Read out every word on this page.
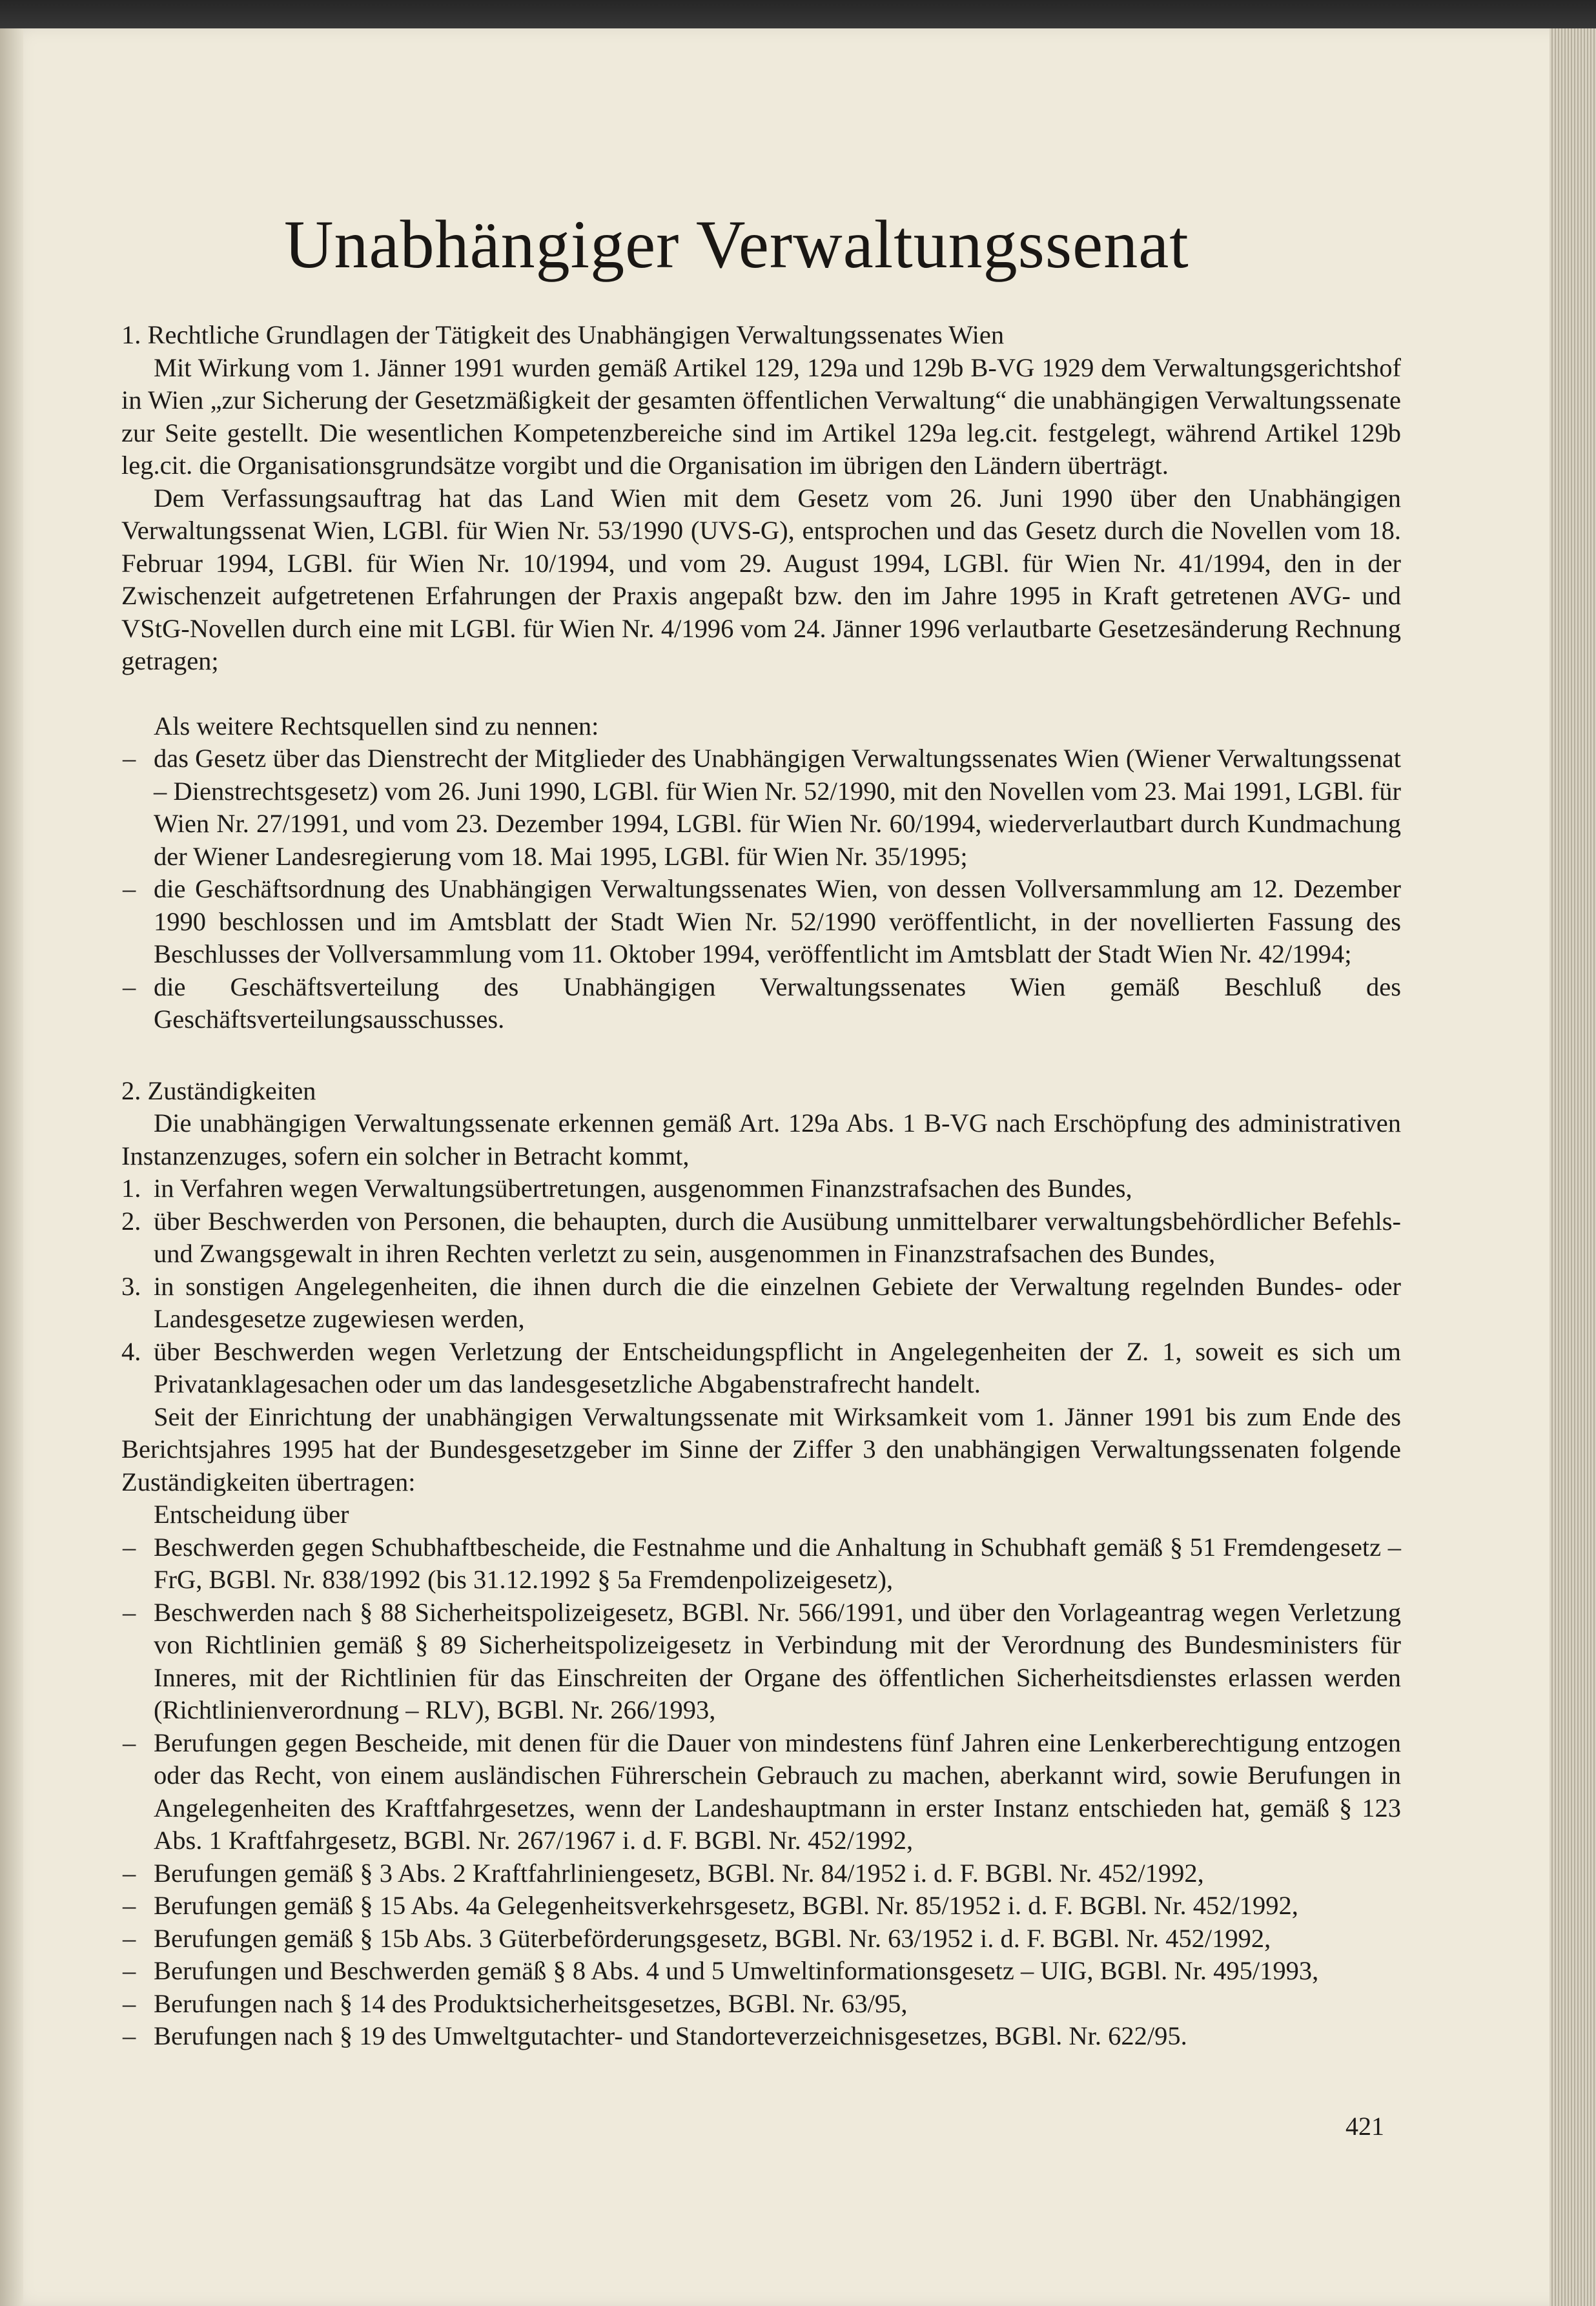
Unabhängiger Verwaltungssenat

1. Rechtliche Grundlagen der Tätigkeit des Unabhängigen Verwaltungssenates Wien

Mit Wirkung vom 1. Jänner 1991 wurden gemäß Artikel 129, 129a und 129b B-VG 1929 dem Verwaltungsgerichtshof in Wien „zur Sicherung der Gesetzmäßigkeit der gesamten öffentlichen Verwaltung“ die unabhängigen Verwaltungssenate zur Seite gestellt. Die wesentlichen Kompetenzbereiche sind im Artikel 129a leg.cit. festgelegt, während Artikel 129b leg.cit. die Organisationsgrundsätze vorgibt und die Organisation im übrigen den Ländern überträgt.

Dem Verfassungsauftrag hat das Land Wien mit dem Gesetz vom 26. Juni 1990 über den Unabhängigen Verwaltungssenat Wien, LGBl. für Wien Nr. 53/1990 (UVS-G), entsprochen und das Gesetz durch die Novellen vom 18. Februar 1994, LGBl. für Wien Nr. 10/1994, und vom 29. August 1994, LGBl. für Wien Nr. 41/1994, den in der Zwischenzeit aufgetretenen Erfahrungen der Praxis angepaßt bzw. den im Jahre 1995 in Kraft getretenen AVG- und VStG-Novellen durch eine mit LGBl. für Wien Nr. 4/1996 vom 24. Jänner 1996 verlautbarte Gesetzesänderung Rechnung getragen;

Als weitere Rechtsquellen sind zu nennen:

– das Gesetz über das Dienstrecht der Mitglieder des Unabhängigen Verwaltungssenates Wien (Wiener Verwaltungssenat – Dienstrechtsgesetz) vom 26. Juni 1990, LGBl. für Wien Nr. 52/1990, mit den Novellen vom 23. Mai 1991, LGBl. für Wien Nr. 27/1991, und vom 23. Dezember 1994, LGBl. für Wien Nr. 60/1994, wiederverlautbart durch Kundmachung der Wiener Landesregierung vom 18. Mai 1995, LGBl. für Wien Nr. 35/1995;
– die Geschäftsordnung des Unabhängigen Verwaltungssenates Wien, von dessen Vollversammlung am 12. Dezember 1990 beschlossen und im Amtsblatt der Stadt Wien Nr. 52/1990 veröffentlicht, in der novellierten Fassung des Beschlusses der Vollversammlung vom 11. Oktober 1994, veröffentlicht im Amtsblatt der Stadt Wien Nr. 42/1994;
– die Geschäftsverteilung des Unabhängigen Verwaltungssenates Wien gemäß Beschluß des Geschäftsverteilungsausschusses.

2. Zuständigkeiten

Die unabhängigen Verwaltungssenate erkennen gemäß Art. 129a Abs. 1 B-VG nach Erschöpfung des administrativen Instanzenzuges, sofern ein solcher in Betracht kommt,

1. in Verfahren wegen Verwaltungsübertretungen, ausgenommen Finanzstrafsachen des Bundes,
2. über Beschwerden von Personen, die behaupten, durch die Ausübung unmittelbarer verwaltungsbehördlicher Befehls- und Zwangsgewalt in ihren Rechten verletzt zu sein, ausgenommen in Finanzstrafsachen des Bundes,
3. in sonstigen Angelegenheiten, die ihnen durch die die einzelnen Gebiete der Verwaltung regelnden Bundes- oder Landesgesetze zugewiesen werden,
4. über Beschwerden wegen Verletzung der Entscheidungspflicht in Angelegenheiten der Z. 1, soweit es sich um Privatanklagesachen oder um das landesgesetzliche Abgabenstrafrecht handelt.

Seit der Einrichtung der unabhängigen Verwaltungssenate mit Wirksamkeit vom 1. Jänner 1991 bis zum Ende des Berichtsjahres 1995 hat der Bundesgesetzgeber im Sinne der Ziffer 3 den unabhängigen Verwaltungssenaten folgende Zuständigkeiten übertragen:

Entscheidung über

– Beschwerden gegen Schubhaftbescheide, die Festnahme und die Anhaltung in Schubhaft gemäß § 51 Fremdengesetz – FrG, BGBl. Nr. 838/1992 (bis 31.12.1992 § 5a Fremdenpolizeigesetz),
– Beschwerden nach § 88 Sicherheitspolizeigesetz, BGBl. Nr. 566/1991, und über den Vorlageantrag wegen Verletzung von Richtlinien gemäß § 89 Sicherheitspolizeigesetz in Verbindung mit der Verordnung des Bundesministers für Inneres, mit der Richtlinien für das Einschreiten der Organe des öffentlichen Sicherheitsdienstes erlassen werden (Richtlinienverordnung – RLV), BGBl. Nr. 266/1993,
– Berufungen gegen Bescheide, mit denen für die Dauer von mindestens fünf Jahren eine Lenkerberechtigung entzogen oder das Recht, von einem ausländischen Führerschein Gebrauch zu machen, aberkannt wird, sowie Berufungen in Angelegenheiten des Kraftfahrgesetzes, wenn der Landeshauptmann in erster Instanz entschieden hat, gemäß § 123 Abs. 1 Kraftfahrgesetz, BGBl. Nr. 267/1967 i. d. F. BGBl. Nr. 452/1992,
– Berufungen gemäß § 3 Abs. 2 Kraftfahrliniengesetz, BGBl. Nr. 84/1952 i. d. F. BGBl. Nr. 452/1992,
– Berufungen gemäß § 15 Abs. 4a Gelegenheitsverkehrsgesetz, BGBl. Nr. 85/1952 i. d. F. BGBl. Nr. 452/1992,
– Berufungen gemäß § 15b Abs. 3 Güterbeförderungsgesetz, BGBl. Nr. 63/1952 i. d. F. BGBl. Nr. 452/1992,
– Berufungen und Beschwerden gemäß § 8 Abs. 4 und 5 Umweltinformationsgesetz – UIG, BGBl. Nr. 495/1993,
– Berufungen nach § 14 des Produktsicherheitsgesetzes, BGBl. Nr. 63/95,
– Berufungen nach § 19 des Umweltgutachter- und Standorteverzeichnisgesetzes, BGBl. Nr. 622/95.
421
